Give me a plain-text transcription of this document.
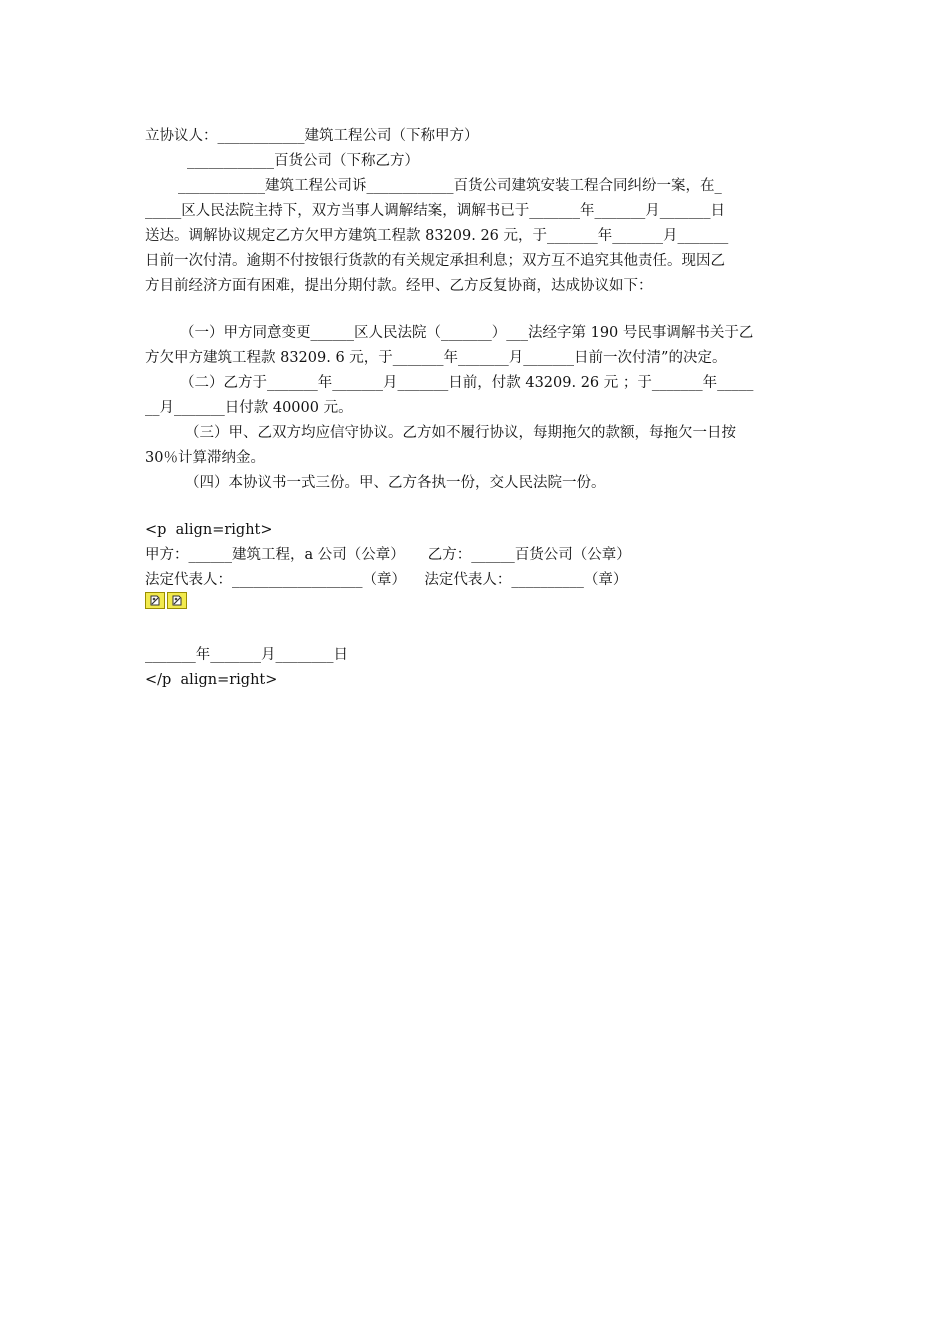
立协议人：____________建筑工程公司（下称甲方）
____________百货公司（下称乙方）
____________建筑工程公司诉____________百货公司建筑安装工程合同纠纷一案，在_
_____区人民法院主持下，双方当事人调解结案，调解书已于_______年_______月_______日
送达。调解协议规定乙方欠甲方建筑工程款 83209. 26 元，于_______年_______月_______
日前一次付清。逾期不付按银行货款的有关规定承担利息；双方互不追究其他责任。现因乙
方目前经济方面有困难，提出分期付款。经甲、乙方反复协商，达成协议如下：
（一）甲方同意变更______区人民法院（_______）___法经字第 190 号民事调解书关于乙
方欠甲方建筑工程款 83209. 6 元，于_______年_______月_______日前一次付清”的决定。
（二）乙方于_______年_______月_______日前，付款 43209. 26 元 ；于_______年_____
__月_______日付款 40000 元。
（三）甲、乙双方均应信守协议。乙方如不履行协议，每期拖欠的款额，每拖欠一日按
30％计算滞纳金。
（四）本协议书一式三份。甲、乙方各执一份，交人民法院一份。
<p  align=right>
甲方：______建筑工程，a 公司（公章）     乙方：______百货公司（公章）
法定代表人：__________________（章）    法定代表人：__________（章）
_______年_______月________日
</p  align=right>
